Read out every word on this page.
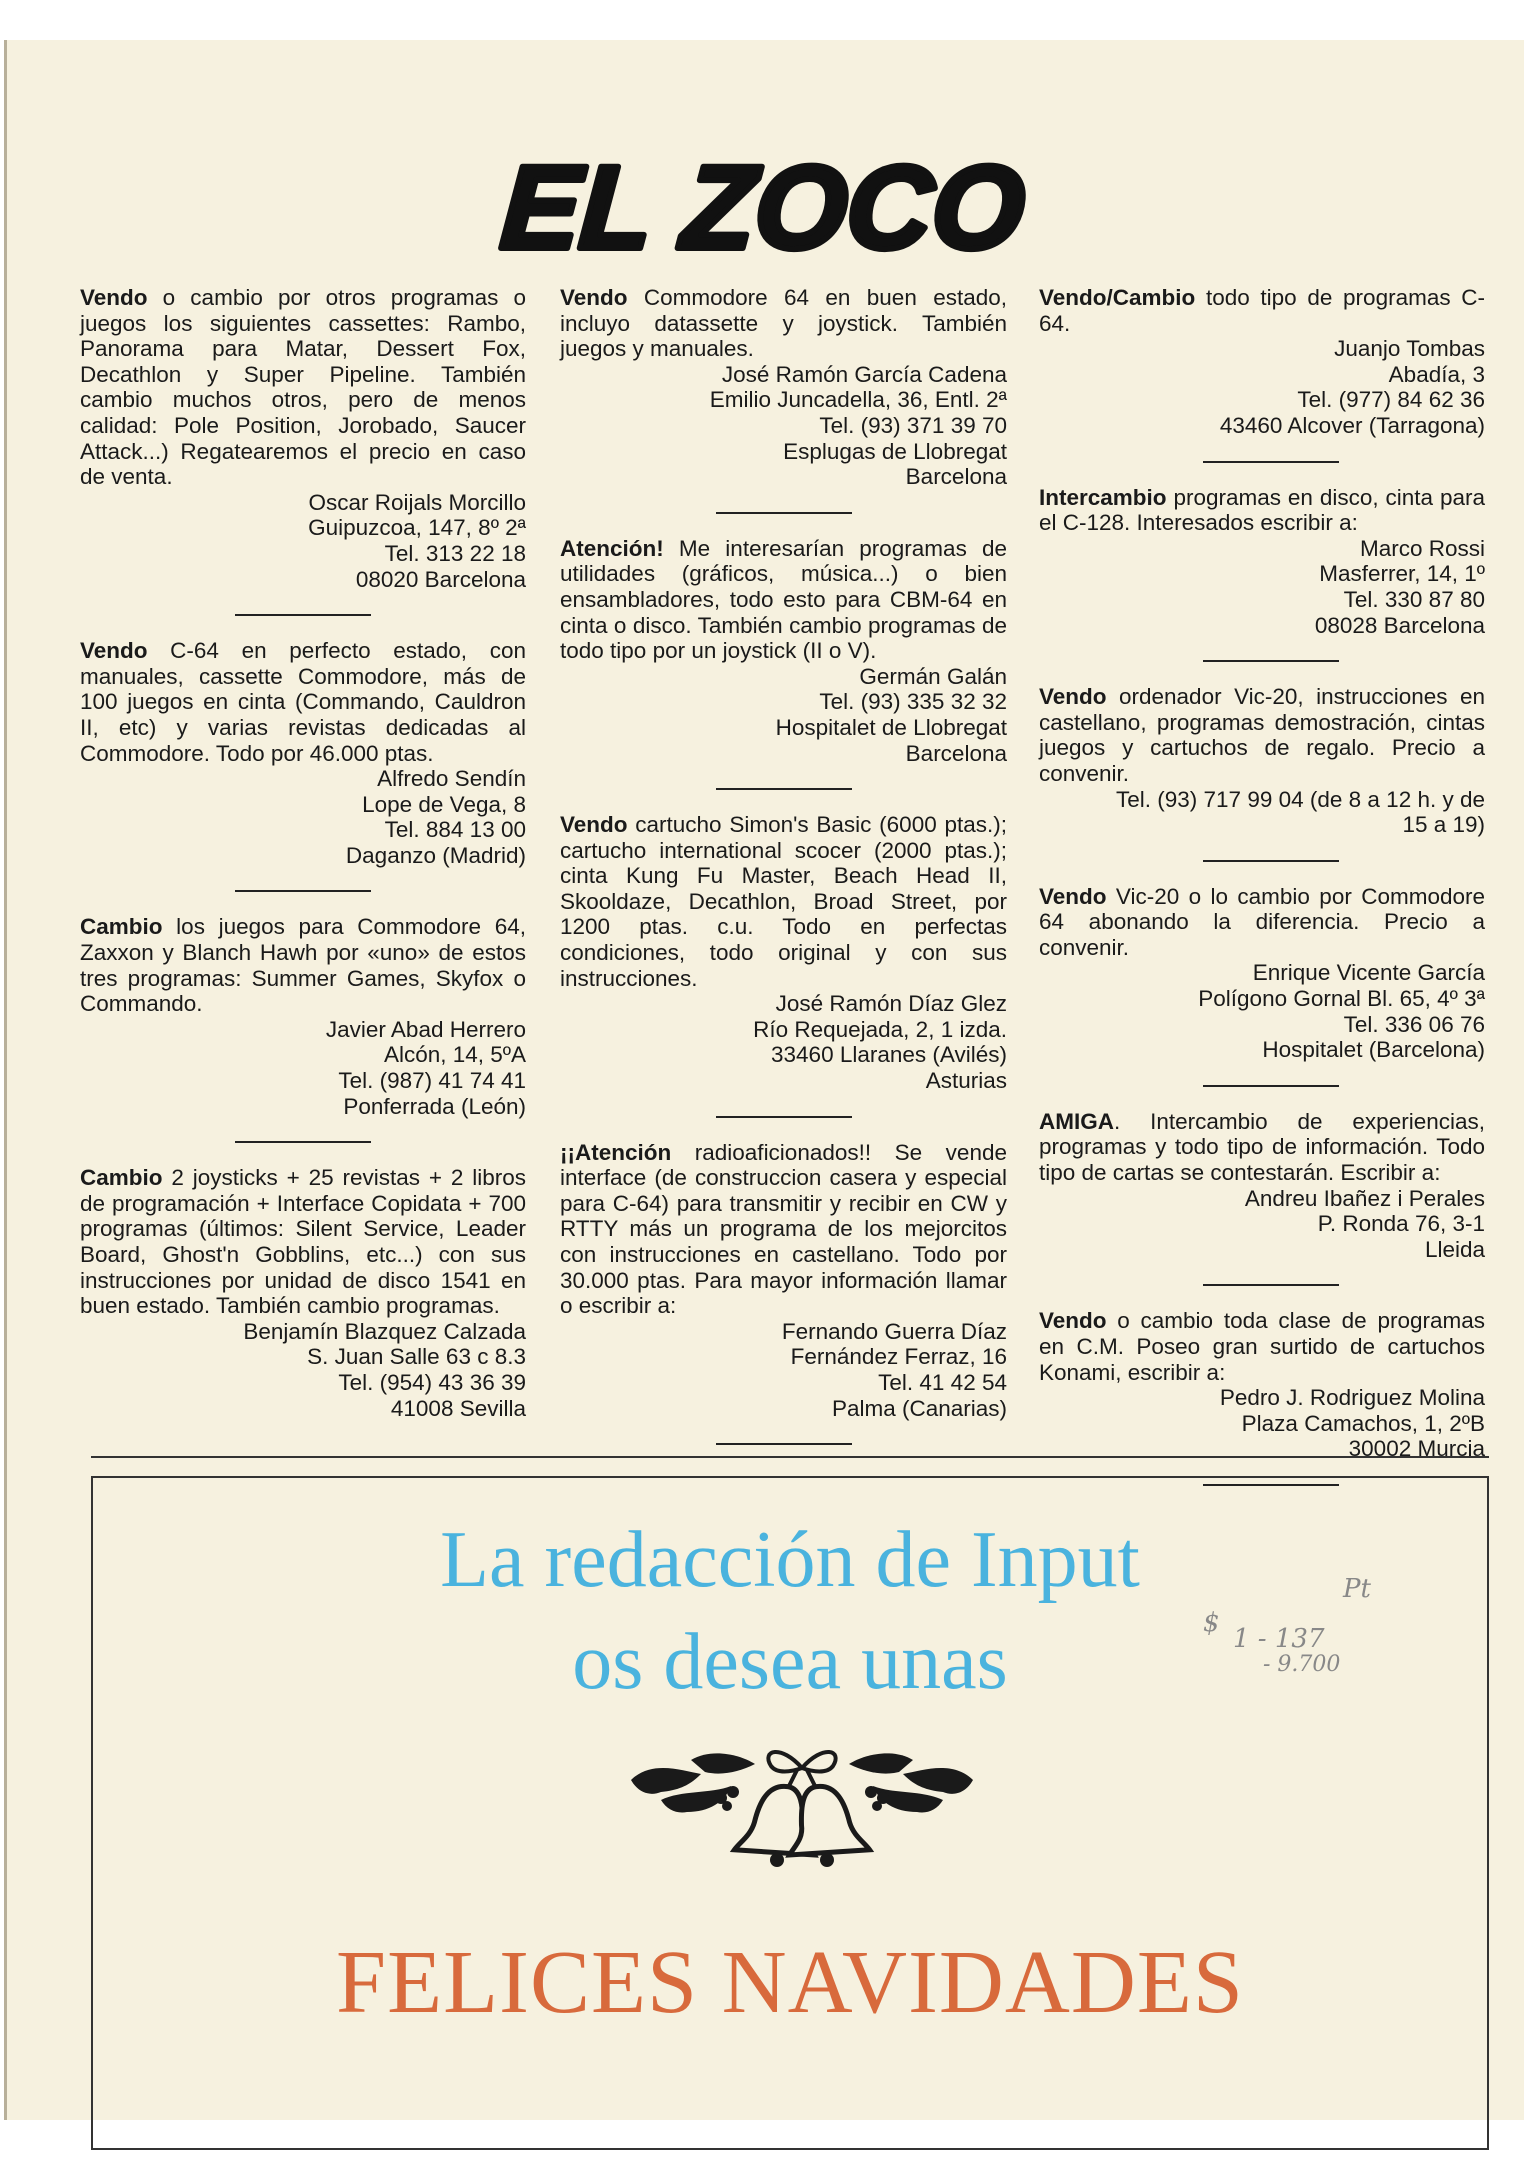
EL ZOCO

Vendo o cambio por otros programas o juegos los siguientes cassettes: Rambo, Panorama para Matar, Dessert Fox, Decathlon y Super Pipeline. También cambio muchos otros, pero de menos calidad: Pole Position, Jorobado, Saucer Attack...) Regatearemos el precio en caso de venta.

Oscar Roijals Morcillo
Guipuzcoa, 147, 8º 2ª
Tel. 313 22 18
08020 Barcelona

Vendo C-64 en perfecto estado, con manuales, cassette Commodore, más de 100 juegos en cinta (Commando, Cauldron II, etc) y varias revistas dedicadas al Commodore. Todo por 46.000 ptas.

Alfredo Sendín
Lope de Vega, 8
Tel. 884 13 00
Daganzo (Madrid)

Cambio los juegos para Commodore 64, Zaxxon y Blanch Hawh por «uno» de estos tres programas: Summer Games, Skyfox o Commando.

Javier Abad Herrero
Alcón, 14, 5ºA
Tel. (987) 41 74 41
Ponferrada (León)

Cambio 2 joysticks + 25 revistas + 2 libros de programación + Interface Copidata + 700 programas (últimos: Silent Service, Leader Board, Ghost'n Gobblins, etc...) con sus instrucciones por unidad de disco 1541 en buen estado. También cambio programas.

Benjamín Blazquez Calzada
S. Juan Salle 63 c 8.3
Tel. (954) 43 36 39
41008 Sevilla

Vendo Commodore 64 en buen estado, incluyo datassette y joystick. También juegos y manuales.

José Ramón García Cadena
Emilio Juncadella, 36, Entl. 2ª
Tel. (93) 371 39 70
Esplugas de Llobregat
Barcelona

Atención! Me interesarían programas de utilidades (gráficos, música...) o bien ensambladores, todo esto para CBM-64 en cinta o disco. También cambio programas de todo tipo por un joystick (II o V).

Germán Galán
Tel. (93) 335 32 32
Hospitalet de Llobregat
Barcelona

Vendo cartucho Simon's Basic (6000 ptas.); cartucho international scocer (2000 ptas.); cinta Kung Fu Master, Beach Head II, Skooldaze, Decathlon, Broad Street, por 1200 ptas. c.u. Todo en perfectas condiciones, todo original y con sus instrucciones.

José Ramón Díaz Glez
Río Requejada, 2, 1 izda.
33460 Llaranes (Avilés)
Asturias

¡¡Atención radioaficionados!! Se vende interface (de construccion casera y especial para C-64) para transmitir y recibir en CW y RTTY más un programa de los mejorcitos con instrucciones en castellano. Todo por 30.000 ptas. Para mayor información llamar o escribir a:

Fernando Guerra Díaz
Fernández Ferraz, 16
Tel. 41 42 54
Palma (Canarias)

Vendo/Cambio todo tipo de programas C-64.

Juanjo Tombas
Abadía, 3
Tel. (977) 84 62 36
43460 Alcover (Tarragona)

Intercambio programas en disco, cinta para el C-128. Interesados escribir a:

Marco Rossi
Masferrer, 14, 1º
Tel. 330 87 80
08028 Barcelona

Vendo ordenador Vic-20, instrucciones en castellano, programas demostración, cintas juegos y cartuchos de regalo. Precio a convenir.

Tel. (93) 717 99 04 (de 8 a 12 h. y de
15 a 19)

Vendo Vic-20 o lo cambio por Commodore 64 abonando la diferencia. Precio a convenir.

Enrique Vicente García
Polígono Gornal Bl. 65, 4º 3ª
Tel. 336 06 76
Hospitalet (Barcelona)

AMIGA. Intercambio de experiencias, programas y todo tipo de información. Todo tipo de cartas se contestarán. Escribir a:

Andreu Ibañez i Perales
P. Ronda 76, 3-1
Lleida

Vendo o cambio toda clase de programas en C.M. Poseo gran surtido de cartuchos Konami, escribir a:

Pedro J. Rodriguez Molina
Plaza Camachos, 1, 2ºB
30002 Murcia
La redacción de Input
os desea unas
Pt
$
1 - 137
- 9.700
FELICES NAVIDADES
